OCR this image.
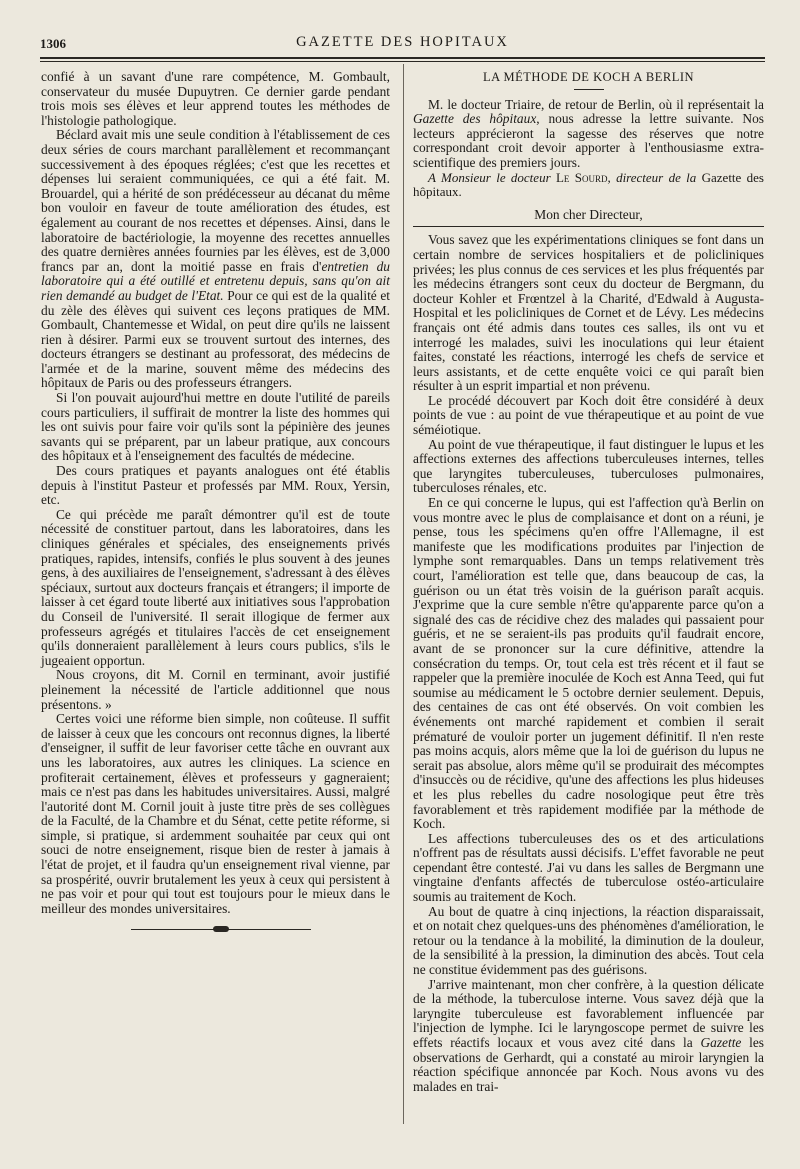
1306	GAZETTE DES HOPITAUX

confié à un savant d'une rare compétence, M. Gombault, conservateur du musée Dupuytren. Ce dernier garde pendant trois mois ses élèves et leur apprend toutes les méthodes de l'histologie pathologique.

Béclard avait mis une seule condition à l'établissement de ces deux séries de cours marchant parallèlement et recommançant successivement à des époques réglées; c'est que les recettes et dépenses lui seraient communiquées, ce qui a été fait. M. Brouardel, qui a hérité de son prédécesseur au décanat du même bon vouloir en faveur de toute amélioration des études, est également au courant de nos recettes et dépenses. Ainsi, dans le laboratoire de bactériologie, la moyenne des recettes annuelles des quatre dernières années fournies par les élèves, est de 3,000 francs par an, dont la moitié passe en frais d'entretien du laboratoire qui a été outillé et entretenu depuis, sans qu'on ait rien demandé au budget de l'Etat. Pour ce qui est de la qualité et du zèle des élèves qui suivent ces leçons pratiques de MM. Gombault, Chantemesse et Widal, on peut dire qu'ils ne laissent rien à désirer. Parmi eux se trouvent surtout des internes, des docteurs étrangers se destinant au professorat, des médecins de l'armée et de la marine, souvent même des médecins des hôpitaux de Paris ou des professeurs étrangers.

Si l'on pouvait aujourd'hui mettre en doute l'utilité de pareils cours particuliers, il suffirait de montrer la liste des hommes qui les ont suivis pour faire voir qu'ils sont la pépinière des jeunes savants qui se préparent, par un labeur pratique, aux concours des hôpitaux et à l'enseignement des facultés de médecine.

Des cours pratiques et payants analogues ont été établis depuis à l'institut Pasteur et professés par MM. Roux, Yersin, etc.

Ce qui précède me paraît démontrer qu'il est de toute nécessité de constituer partout, dans les laboratoires, dans les cliniques générales et spéciales, des enseignements privés pratiques, rapides, intensifs, confiés le plus souvent à des jeunes gens, à des auxiliaires de l'enseignement, s'adressant à des élèves spéciaux, surtout aux docteurs français et étrangers; il importe de laisser à cet égard toute liberté aux initiatives sous l'approbation du Conseil de l'université. Il serait illogique de fermer aux professeurs agrégés et titulaires l'accès de cet enseignement qu'ils donneraient parallèlement à leurs cours publics, s'ils le jugeaient opportun.

Nous croyons, dit M. Cornil en terminant, avoir justifié pleinement la nécessité de l'article additionnel que nous présentons. »

Certes voici une réforme bien simple, non coûteuse. Il suffit de laisser à ceux que les concours ont reconnus dignes, la liberté d'enseigner, il suffit de leur favoriser cette tâche en ouvrant aux uns les laboratoires, aux autres les cliniques. La science en profiterait certainement, élèves et professeurs y gagneraient; mais ce n'est pas dans les habitudes universitaires. Aussi, malgré l'autorité dont M. Cornil jouit à juste titre près de ses collègues de la Faculté, de la Chambre et du Sénat, cette petite réforme, si simple, si pratique, si ardemment souhaitée par ceux qui ont souci de notre enseignement, risque bien de rester à jamais à l'état de projet, et il faudra qu'un enseignement rival vienne, par sa prospérité, ouvrir brutalement les yeux à ceux qui persistent à ne pas voir et pour qui tout est toujours pour le mieux dans le meilleur des mondes universitaires.

LA MÉTHODE DE KOCH A BERLIN

M. le docteur Triaire, de retour de Berlin, où il représentait la Gazette des hôpitaux, nous adresse la lettre suivante. Nos lecteurs apprécieront la sagesse des réserves que notre correspondant croit devoir apporter à l'enthousiasme extra-scientifique des premiers jours.

A Monsieur le docteur Le Sourd, directeur de la Gazette des hôpitaux.

Mon cher Directeur,

Vous savez que les expérimentations cliniques se font dans un certain nombre de services hospitaliers et de policliniques privées; les plus connus de ces services et les plus fréquentés par les médecins étrangers sont ceux du docteur de Bergmann, du docteur Kohler et Frœntzel à la Charité, d'Edwald à Augusta-Hospital et les policliniques de Cornet et de Lévy. Les médecins français ont été admis dans toutes ces salles, ils ont vu et interrogé les malades, suivi les inoculations qui leur étaient faites, constaté les réactions, interrogé les chefs de service et leurs assistants, et de cette enquête voici ce qui paraît bien résulter à un esprit impartial et non prévenu.

Le procédé découvert par Koch doit être considéré à deux points de vue : au point de vue thérapeutique et au point de vue séméiotique.

Au point de vue thérapeutique, il faut distinguer le lupus et les affections externes des affections tuberculeuses internes, telles que laryngites tuberculeuses, tuberculoses pulmonaires, tuberculoses rénales, etc.

En ce qui concerne le lupus, qui est l'affection qu'à Berlin on vous montre avec le plus de complaisance et dont on a réuni, je pense, tous les spécimens qu'en offre l'Allemagne, il est manifeste que les modifications produites par l'injection de lymphe sont remarquables. Dans un temps relativement très court, l'amélioration est telle que, dans beaucoup de cas, la guérison ou un état très voisin de la guérison paraît acquis. J'exprime que la cure semble n'être qu'apparente parce qu'on a signalé des cas de récidive chez des malades qui passaient pour guéris, et ne se seraient-ils pas produits qu'il faudrait encore, avant de se prononcer sur la cure définitive, attendre la consécration du temps. Or, tout cela est très récent et il faut se rappeler que la première inoculée de Koch est Anna Teed, qui fut soumise au médicament le 5 octobre dernier seulement. Depuis, des centaines de cas ont été observés. On voit combien les événements ont marché rapidement et combien il serait prématuré de vouloir porter un jugement définitif. Il n'en reste pas moins acquis, alors même que la loi de guérison du lupus ne serait pas absolue, alors même qu'il se produirait des mécomptes d'insuccès ou de récidive, qu'une des affections les plus hideuses et les plus rebelles du cadre nosologique peut être très favorablement et très rapidement modifiée par la méthode de Koch.

Les affections tuberculeuses des os et des articulations n'offrent pas de résultats aussi décisifs. L'effet favorable ne peut cependant être contesté. J'ai vu dans les salles de Bergmann une vingtaine d'enfants affectés de tuberculose ostéo-articulaire soumis au traitement de Koch.

Au bout de quatre à cinq injections, la réaction disparaissait, et on notait chez quelques-uns des phénomènes d'amélioration, le retour ou la tendance à la mobilité, la diminution de la douleur, de la sensibilité à la pression, la diminution des abcès. Tout cela ne constitue évidemment pas des guérisons.

J'arrive maintenant, mon cher confrère, à la question délicate de la méthode, la tuberculose interne. Vous savez déjà que la laryngite tuberculeuse est favorablement influencée par l'injection de lymphe. Ici le laryngoscope permet de suivre les effets réactifs locaux et vous avez cité dans la Gazette les observations de Gerhardt, qui a constaté au miroir laryngien la réaction spécifique annoncée par Koch. Nous avons vu des malades en trai-
